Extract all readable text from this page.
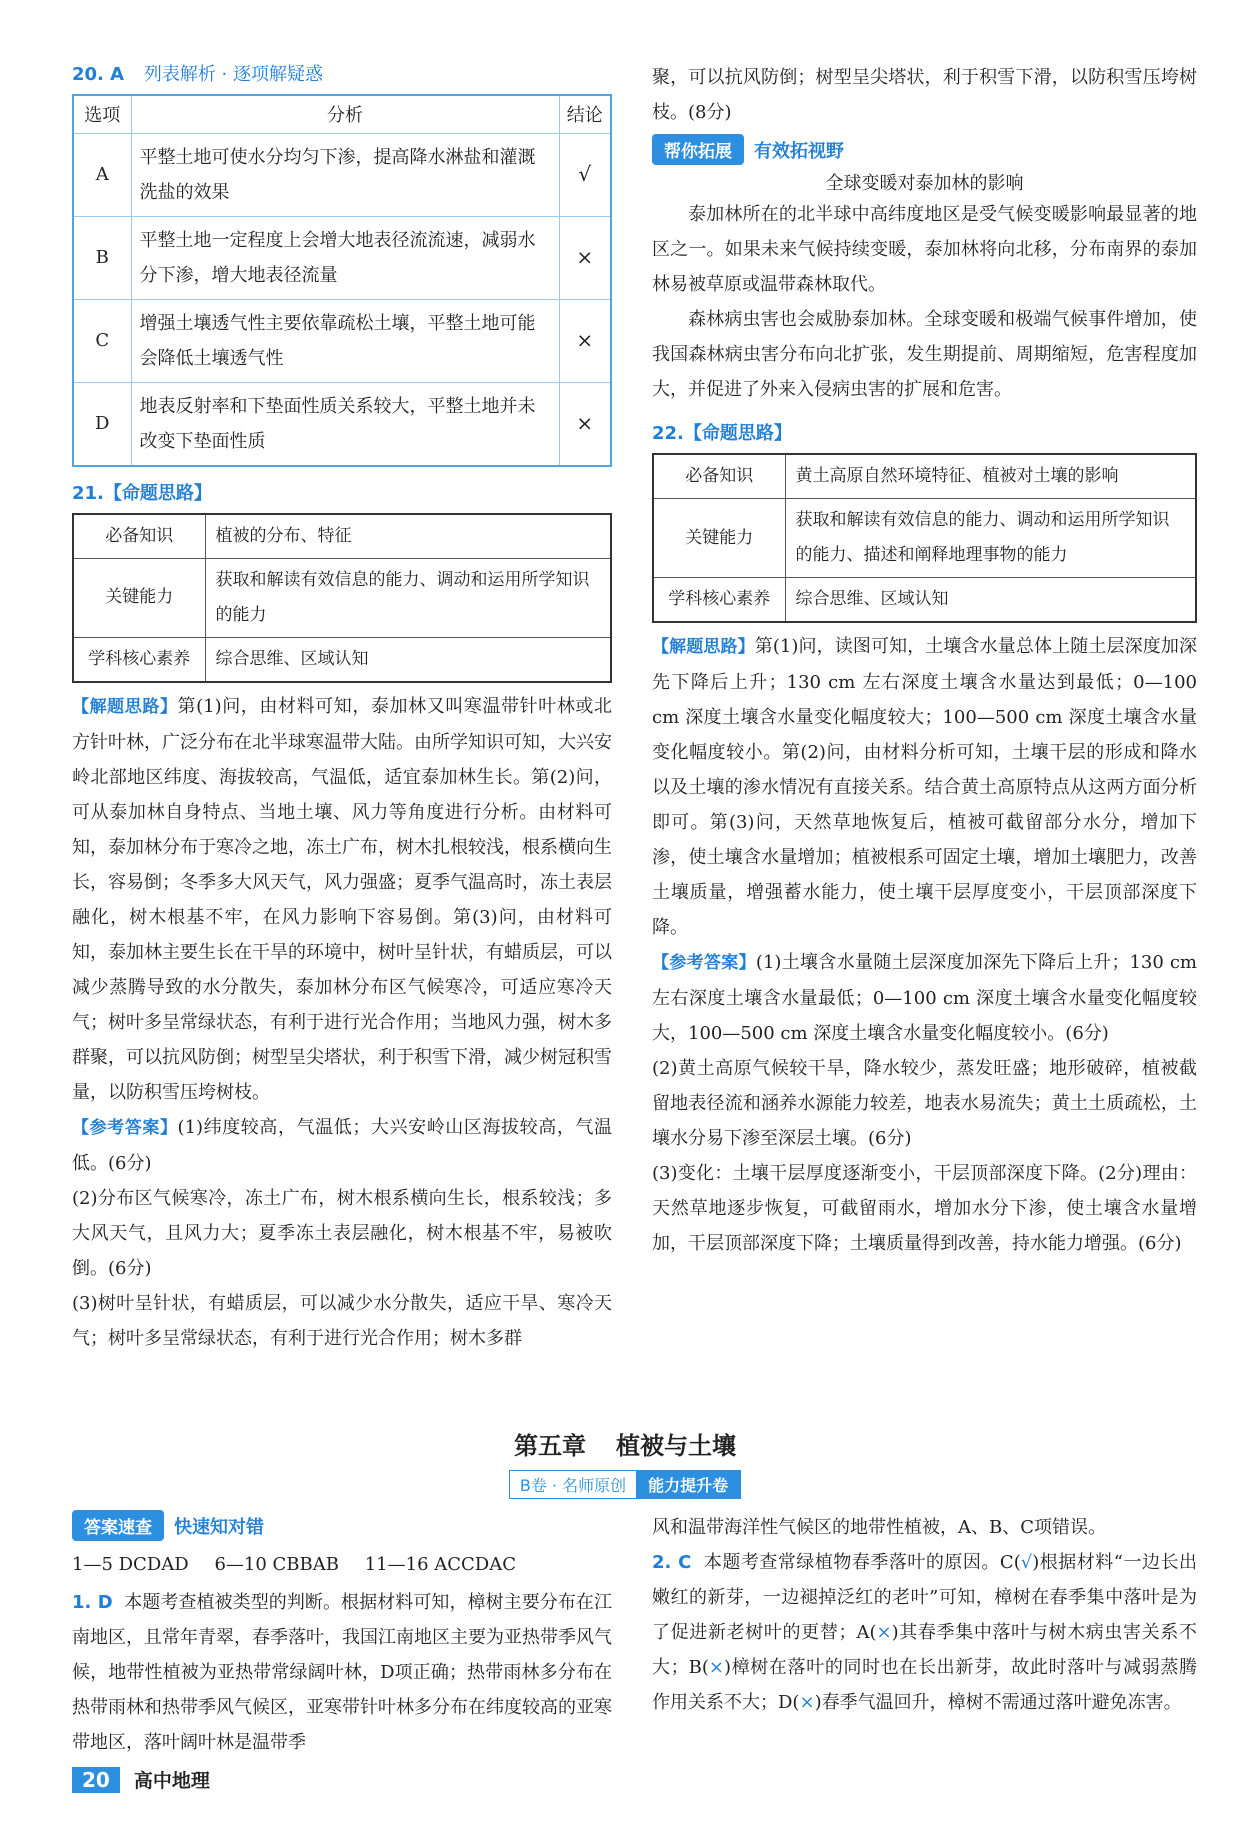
20. A 列表解析 · 逐项解疑惑
选项	分析	结论
A	平整土地可使水分均匀下渗，提高降水淋盐和灌溉洗盐的效果	√
B	平整土地一定程度上会增大地表径流流速，减弱水分下渗，增大地表径流量	×
C	增强土壤透气性主要依靠疏松土壤，平整土地可能会降低土壤透气性	×
D	地表反射率和下垫面性质关系较大，平整土地并未改变下垫面性质	×
21.【命题思路】
必备知识	植被的分布、特征
关键能力	获取和解读有效信息的能力、调动和运用所学知识的能力
学科核心素养	综合思维、区域认知

【解题思路】第(1)问，由材料可知，泰加林又叫寒温带针叶林或北方针叶林，广泛分布在北半球寒温带大陆。由所学知识可知，大兴安岭北部地区纬度、海拔较高，气温低，适宜泰加林生长。第(2)问，可从泰加林自身特点、当地土壤、风力等角度进行分析。由材料可知，泰加林分布于寒冷之地，冻土广布，树木扎根较浅，根系横向生长，容易倒；冬季多大风天气，风力强盛；夏季气温高时，冻土表层融化，树木根基不牢，在风力影响下容易倒。第(3)问，由材料可知，泰加林主要生长在干旱的环境中，树叶呈针状，有蜡质层，可以减少蒸腾导致的水分散失，泰加林分布区气候寒冷，可适应寒冷天气；树叶多呈常绿状态，有利于进行光合作用；当地风力强，树木多群聚，可以抗风防倒；树型呈尖塔状，利于积雪下滑，减少树冠积雪量，以防积雪压垮树枝。

【参考答案】(1)纬度较高，气温低；大兴安岭山区海拔较高，气温低。(6分)

(2)分布区气候寒冷，冻土广布，树木根系横向生长，根系较浅；多大风天气，且风力大；夏季冻土表层融化，树木根基不牢，易被吹倒。(6分)

(3)树叶呈针状，有蜡质层，可以减少水分散失，适应干旱、寒冷天气；树叶多呈常绿状态，有利于进行光合作用；树木多群

聚，可以抗风防倒；树型呈尖塔状，利于积雪下滑，以防积雪压垮树枝。(8分)

帮你拓展	有效拓视野
全球变暖对泰加林的影响

泰加林所在的北半球中高纬度地区是受气候变暖影响最显著的地区之一。如果未来气候持续变暖，泰加林将向北移，分布南界的泰加林易被草原或温带森林取代。

森林病虫害也会威胁泰加林。全球变暖和极端气候事件增加，使我国森林病虫害分布向北扩张，发生期提前、周期缩短，危害程度加大，并促进了外来入侵病虫害的扩展和危害。

22.【命题思路】
必备知识	黄土高原自然环境特征、植被对土壤的影响
关键能力	获取和解读有效信息的能力、调动和运用所学知识的能力、描述和阐释地理事物的能力
学科核心素养	综合思维、区域认知

【解题思路】第(1)问，读图可知，土壤含水量总体上随土层深度加深先下降后上升；130 cm 左右深度土壤含水量达到最低；0—100 cm 深度土壤含水量变化幅度较大；100—500 cm 深度土壤含水量变化幅度较小。第(2)问，由材料分析可知，土壤干层的形成和降水以及土壤的渗水情况有直接关系。结合黄土高原特点从这两方面分析即可。第(3)问，天然草地恢复后，植被可截留部分水分，增加下渗，使土壤含水量增加；植被根系可固定土壤，增加土壤肥力，改善土壤质量，增强蓄水能力，使土壤干层厚度变小，干层顶部深度下降。

【参考答案】(1)土壤含水量随土层深度加深先下降后上升；130 cm 左右深度土壤含水量最低；0—100 cm 深度土壤含水量变化幅度较大，100—500 cm 深度土壤含水量变化幅度较小。(6分)

(2)黄土高原气候较干旱，降水较少，蒸发旺盛；地形破碎，植被截留地表径流和涵养水源能力较差，地表水易流失；黄土土质疏松，土壤水分易下渗至深层土壤。(6分)

(3)变化：土壤干层厚度逐渐变小，干层顶部深度下降。(2分)理由：天然草地逐步恢复，可截留雨水，增加水分下渗，使土壤含水量增加，干层顶部深度下降；土壤质量得到改善，持水能力增强。(6分)

第五章 植被与土壤
B卷 · 名师原创	能力提升卷
答案速查	快速知对错
1—5 DCDAD 6—10 CBBAB 11—16 ACCDAC

1. D 本题考查植被类型的判断。根据材料可知，樟树主要分布在江南地区，且常年青翠，春季落叶，我国江南地区主要为亚热带季风气候，地带性植被为亚热带常绿阔叶林，D项正确；热带雨林多分布在热带雨林和热带季风气候区，亚寒带针叶林多分布在纬度较高的亚寒带地区，落叶阔叶林是温带季

风和温带海洋性气候区的地带性植被，A、B、C项错误。

2. C 本题考查常绿植物春季落叶的原因。C(√)根据材料“一边长出嫩红的新芽，一边褪掉泛红的老叶”可知，樟树在春季集中落叶是为了促进新老树叶的更替；A(×)其春季集中落叶与树木病虫害关系不大；B(×)樟树在落叶的同时也在长出新芽，故此时落叶与减弱蒸腾作用关系不大；D(×)春季气温回升，樟树不需通过落叶避免冻害。

20	高中地理
